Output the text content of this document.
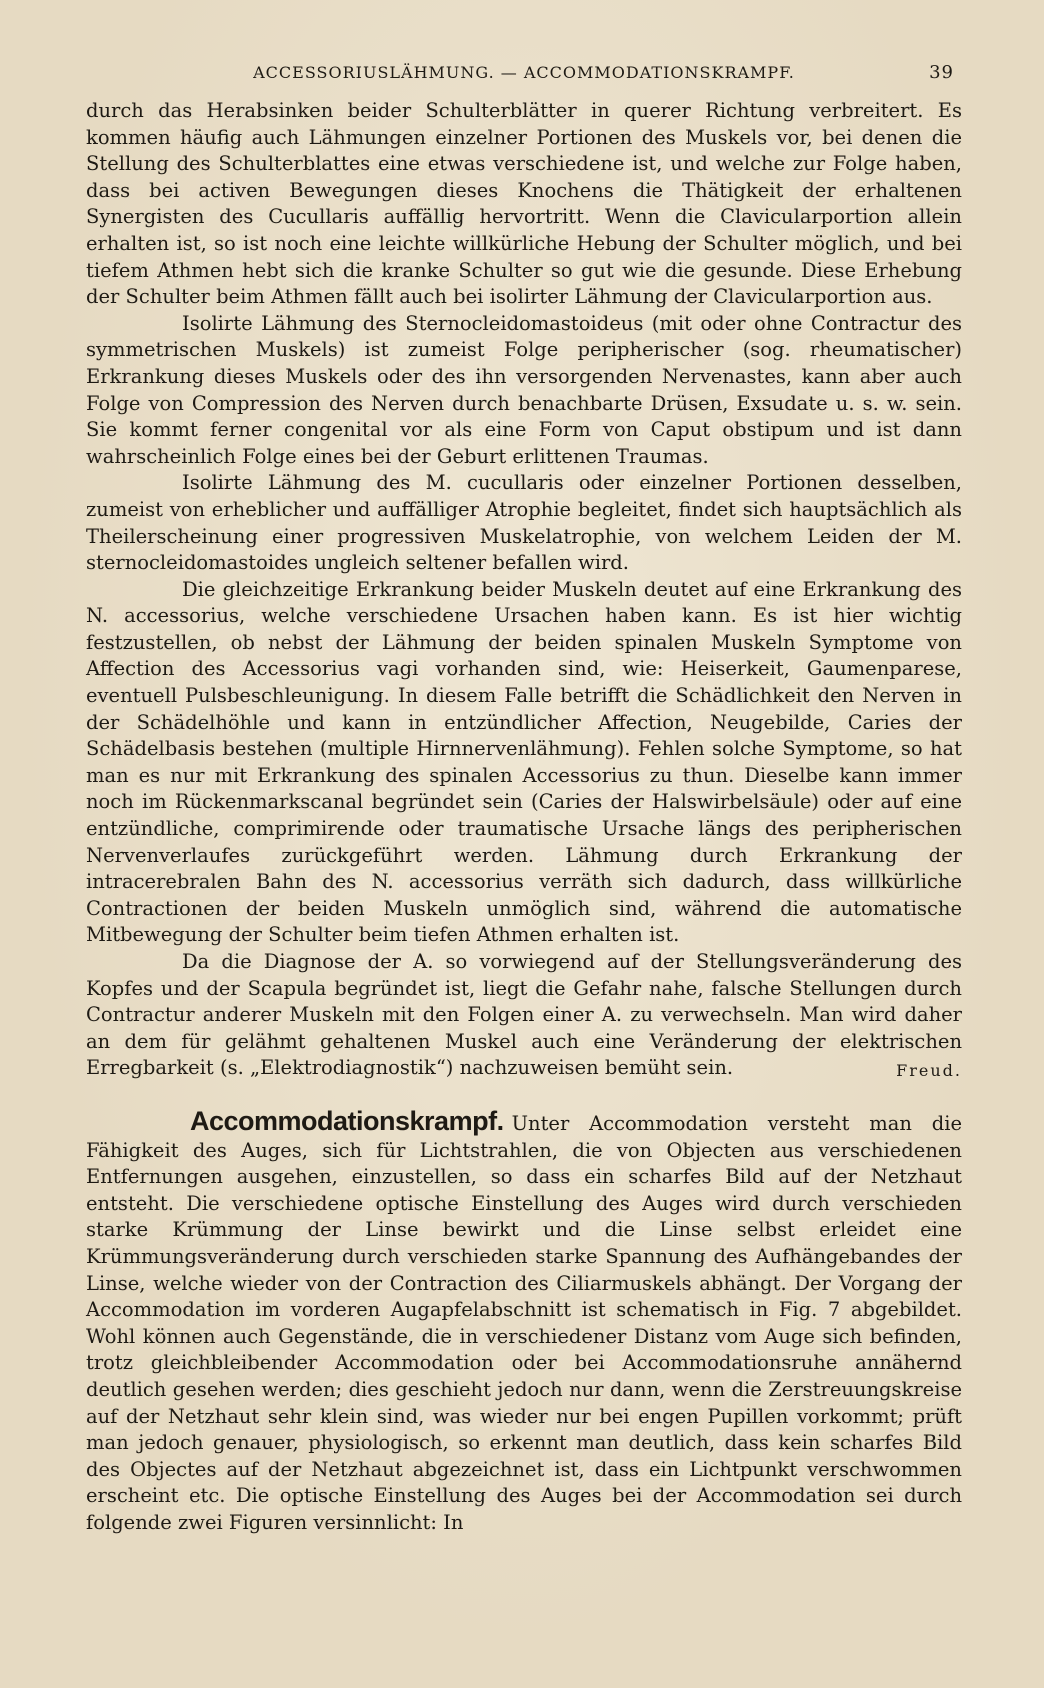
ACCESSORIUSLÄHMUNG. — ACCOMMODATIONSKRAMPF.	39

durch das Herabsinken beider Schulterblätter in querer Richtung verbreitert. Es kommen häufig auch Lähmungen einzelner Portionen des Muskels vor, bei denen die Stellung des Schulterblattes eine etwas verschiedene ist, und welche zur Folge haben, dass bei activen Bewegungen dieses Knochens die Thätigkeit der erhaltenen Synergisten des Cucullaris auffällig hervortritt. Wenn die Clavicularportion allein erhalten ist, so ist noch eine leichte willkürliche Hebung der Schulter möglich, und bei tiefem Athmen hebt sich die kranke Schulter so gut wie die gesunde. Diese Erhebung der Schulter beim Athmen fällt auch bei isolirter Lähmung der Clavicularportion aus.

Isolirte Lähmung des Sternocleidomastoideus (mit oder ohne Contractur des symmetrischen Muskels) ist zumeist Folge peripherischer (sog. rheumatischer) Erkrankung dieses Muskels oder des ihn versorgenden Nervenastes, kann aber auch Folge von Compression des Nerven durch benachbarte Drüsen, Exsudate u. s. w. sein. Sie kommt ferner congenital vor als eine Form von Caput obstipum und ist dann wahrscheinlich Folge eines bei der Geburt erlittenen Traumas.

Isolirte Lähmung des M. cucullaris oder einzelner Portionen desselben, zumeist von erheblicher und auffälliger Atrophie begleitet, findet sich hauptsächlich als Theilerscheinung einer progressiven Muskelatrophie, von welchem Leiden der M. sternocleidomastoides ungleich seltener befallen wird.

Die gleichzeitige Erkrankung beider Muskeln deutet auf eine Erkrankung des N. accessorius, welche verschiedene Ursachen haben kann. Es ist hier wichtig festzustellen, ob nebst der Lähmung der beiden spinalen Muskeln Symptome von Affection des Accessorius vagi vorhanden sind, wie: Heiserkeit, Gaumenparese, eventuell Pulsbeschleunigung. In diesem Falle betrifft die Schädlichkeit den Nerven in der Schädelhöhle und kann in entzündlicher Affection, Neugebilde, Caries der Schädelbasis bestehen (multiple Hirnnervenlähmung). Fehlen solche Symptome, so hat man es nur mit Erkrankung des spinalen Accessorius zu thun. Dieselbe kann immer noch im Rückenmarkscanal begründet sein (Caries der Halswirbelsäule) oder auf eine entzündliche, comprimirende oder traumatische Ursache längs des peripherischen Nervenverlaufes zurückgeführt werden. Lähmung durch Erkrankung der intracerebralen Bahn des N. accessorius verräth sich dadurch, dass willkürliche Contractionen der beiden Muskeln unmöglich sind, während die automatische Mitbewegung der Schulter beim tiefen Athmen erhalten ist.

Da die Diagnose der A. so vorwiegend auf der Stellungsveränderung des Kopfes und der Scapula begründet ist, liegt die Gefahr nahe, falsche Stellungen durch Contractur anderer Muskeln mit den Folgen einer A. zu verwechseln. Man wird daher an dem für gelähmt gehaltenen Muskel auch eine Veränderung der elektrischen Erregbarkeit (s. „Elektrodiagnostik“) nachzuweisen bemüht sein.	Freud.

Accommodationskrampf. Unter Accommodation versteht man die Fähigkeit des Auges, sich für Lichtstrahlen, die von Objecten aus verschiedenen Entfernungen ausgehen, einzustellen, so dass ein scharfes Bild auf der Netzhaut entsteht. Die verschiedene optische Einstellung des Auges wird durch verschieden starke Krümmung der Linse bewirkt und die Linse selbst erleidet eine Krümmungsveränderung durch verschieden starke Spannung des Aufhängebandes der Linse, welche wieder von der Contraction des Ciliarmuskels abhängt. Der Vorgang der Accommodation im vorderen Augapfelabschnitt ist schematisch in Fig. 7 abgebildet. Wohl können auch Gegenstände, die in verschiedener Distanz vom Auge sich befinden, trotz gleichbleibender Accommodation oder bei Accommodationsruhe annähernd deutlich gesehen werden; dies geschieht jedoch nur dann, wenn die Zerstreuungskreise auf der Netzhaut sehr klein sind, was wieder nur bei engen Pupillen vorkommt; prüft man jedoch genauer, physiologisch, so erkennt man deutlich, dass kein scharfes Bild des Objectes auf der Netzhaut abgezeichnet ist, dass ein Lichtpunkt verschwommen erscheint etc. Die optische Einstellung des Auges bei der Accommodation sei durch folgende zwei Figuren versinnlicht: In
